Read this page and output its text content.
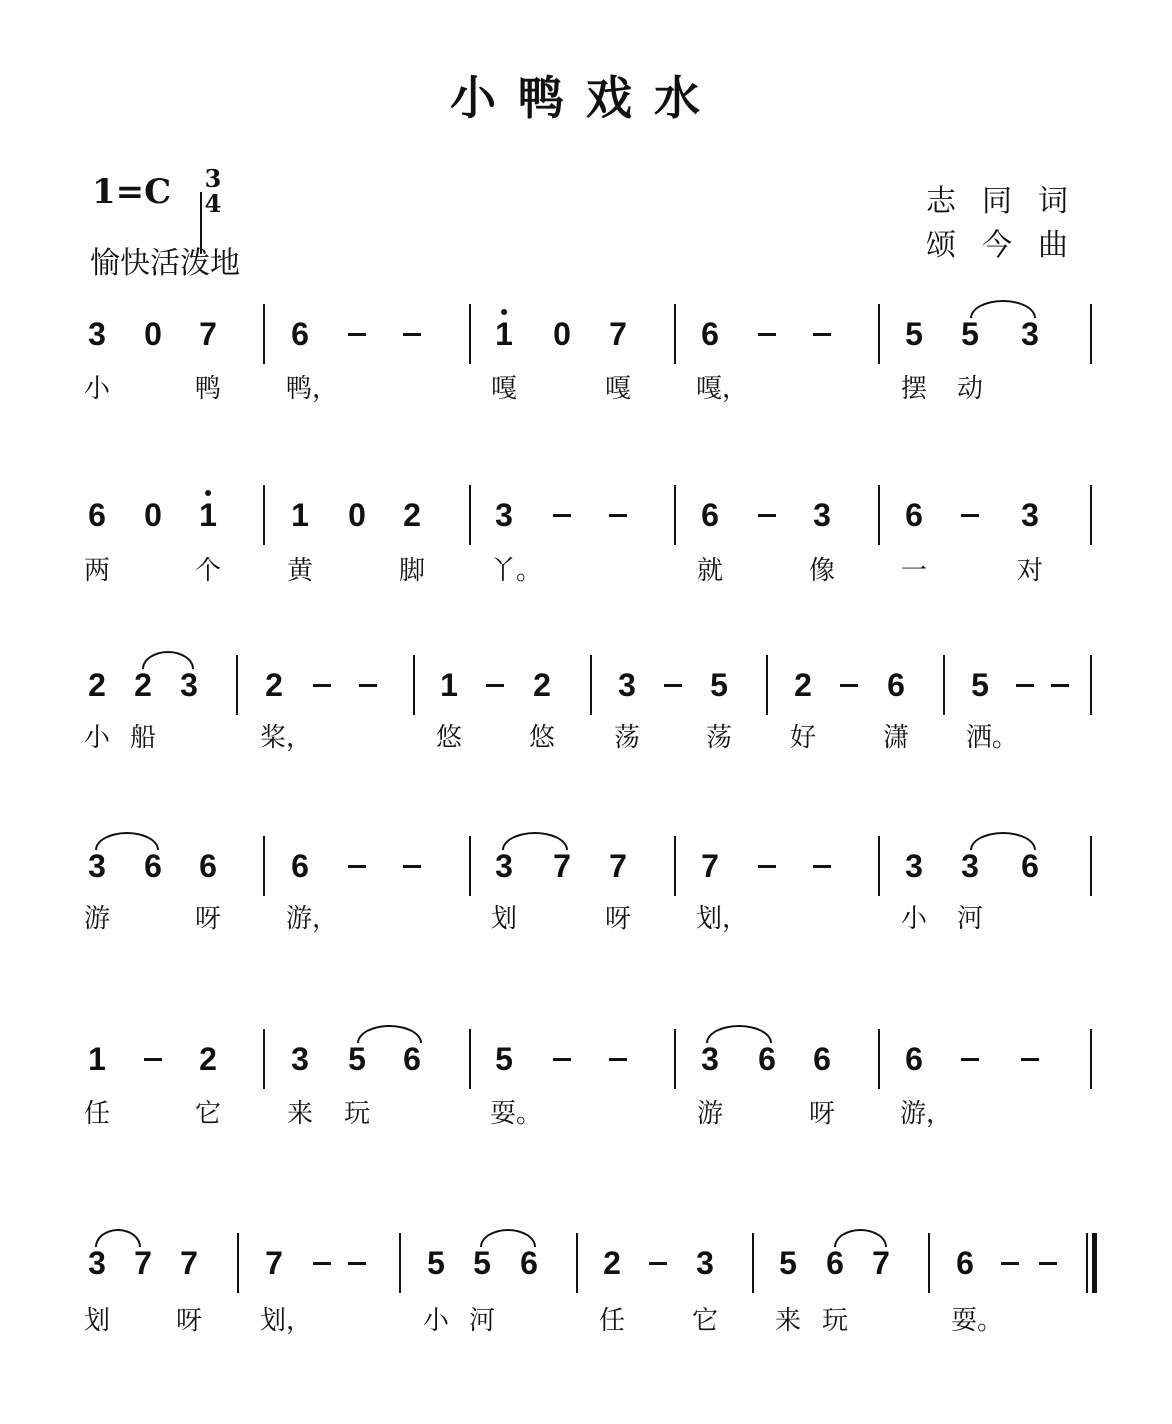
小鸭戏水
1=C 3
4
愉快活泼地
志同词
颂今曲
3 0 7 6	1 0 7 6	5 5 3
小	鸭 鸭，	嘎	嘎 嘎，	摆 动
6 0 1 1 0 2 3	6	3 6	3
两	个	黄	脚 丫。	就	像	一	对
2 2 3 2	1 2 3 5 2 6 5
小 船	桨，	悠	悠 荡	荡 好	潇 洒。
3 6 6 6	3 7 7 7	3 3 6
游	呀 游，	划	呀 划，	小 河
1	2 3 5 6 5	3 6 6 6
任	它	来 玩	耍。	游	呀 游，
3 7 7 7	5 5 6 2 3 5 6 7 6
划	呀 划，	小 河	任	它 来 玩	耍。
